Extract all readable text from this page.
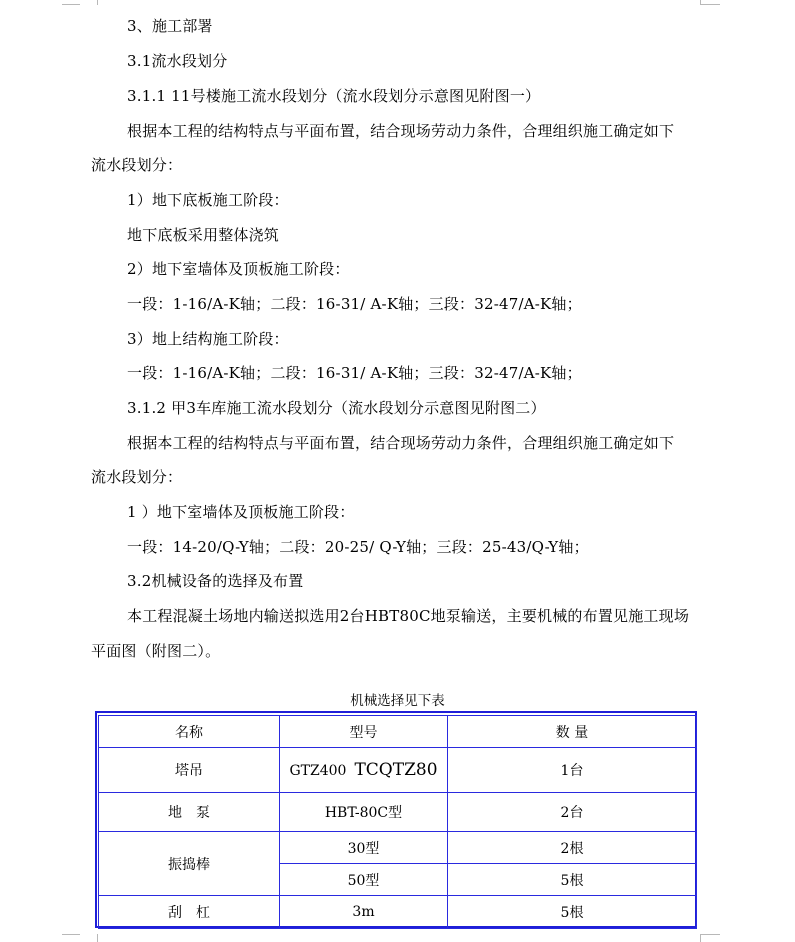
3、施工部署
3.1流水段划分
3.1.1 11号楼施工流水段划分（流水段划分示意图见附图一）
根据本工程的结构特点与平面布置，结合现场劳动力条件，合理组织施工确定如下
流水段划分：
1）地下底板施工阶段：
地下底板采用整体浇筑
2）地下室墙体及顶板施工阶段：
一段：1-16/A-K轴；二段：16-31/ A-K轴；三段：32-47/A-K轴；
3）地上结构施工阶段：
一段：1-16/A-K轴；二段：16-31/ A-K轴；三段：32-47/A-K轴；
3.1.2 甲3车库施工流水段划分（流水段划分示意图见附图二）
根据本工程的结构特点与平面布置，结合现场劳动力条件，合理组织施工确定如下
流水段划分：
1 ）地下室墙体及顶板施工阶段：
一段：14-20/Q-Y轴；二段：20-25/ Q-Y轴；三段：25-43/Q-Y轴；
3.2机械设备的选择及布置
本工程混凝土场地内输送拟选用2台HBT80C地泵输送，主要机械的布置见施工现场
平面图（附图二）。
机械选择见下表
名称	型号	数 量
塔吊	GTZ400 TCQTZ80	1台
地　泵	HBT-80C型	2台
振捣棒	30型	2根
	50型	5根
刮　杠	3m	5根
